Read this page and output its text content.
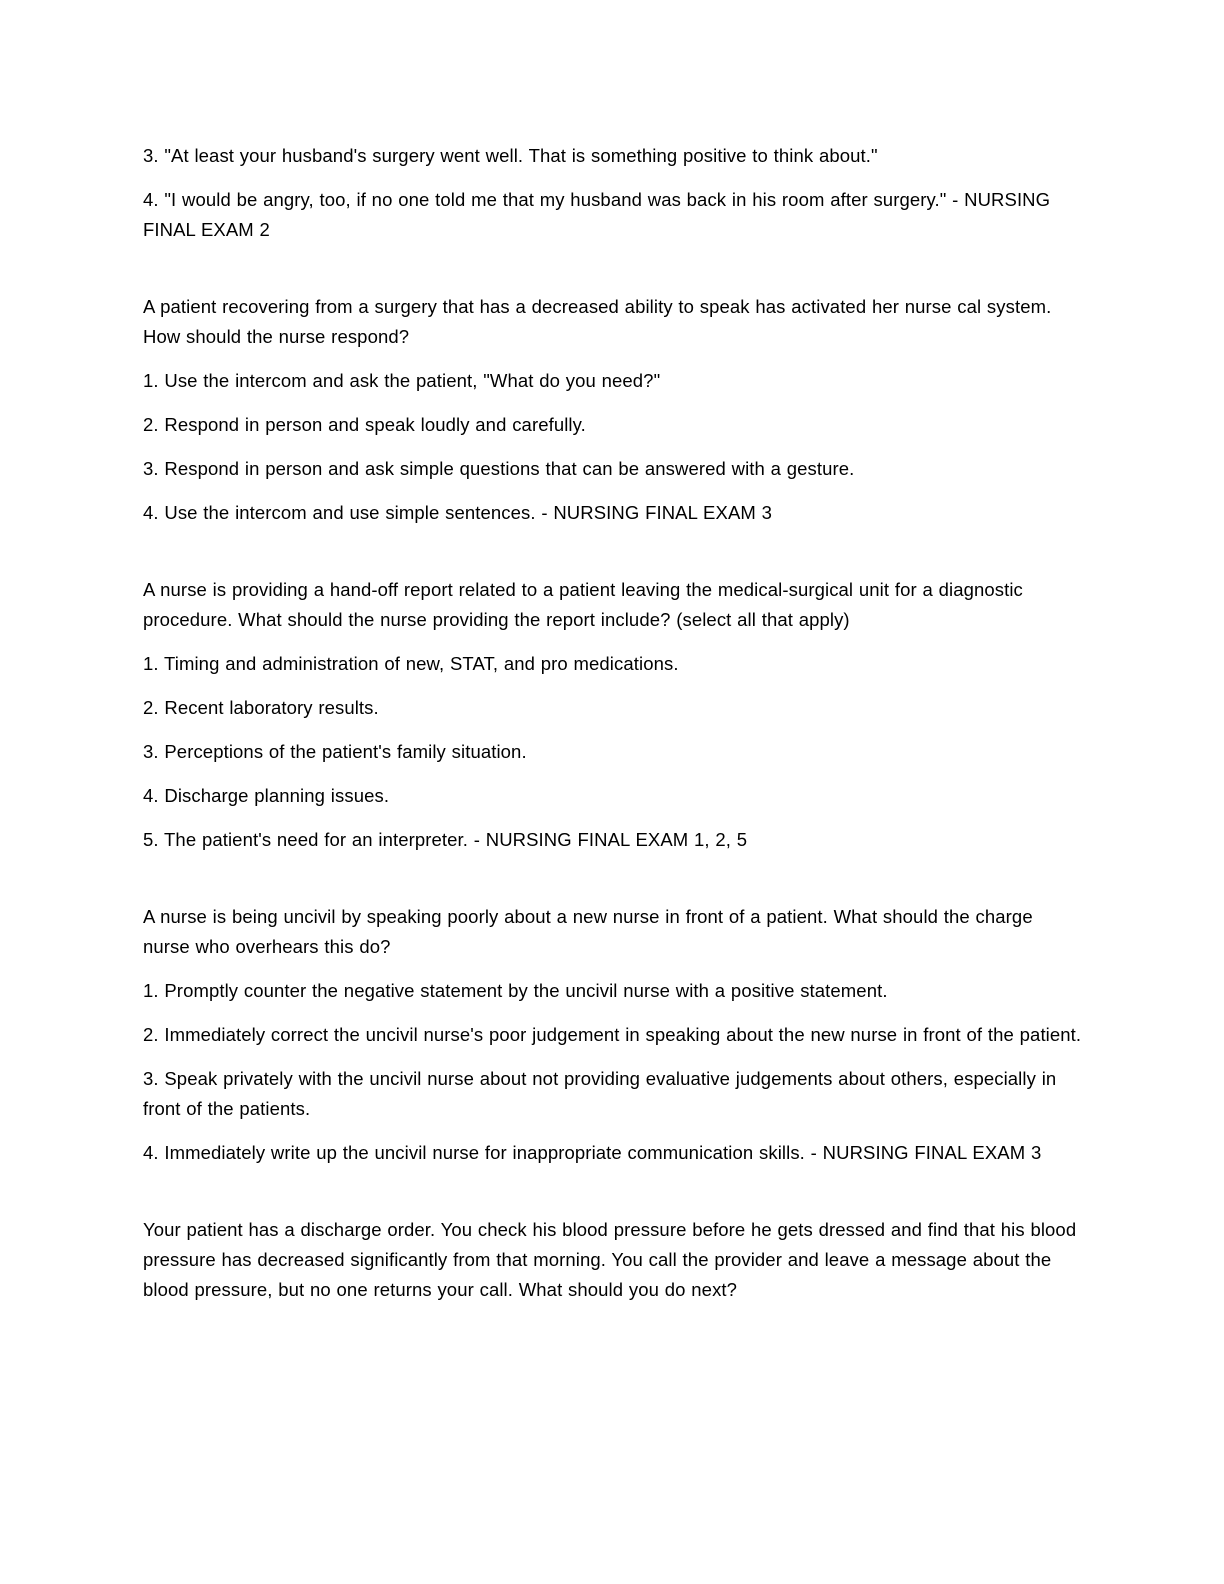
3. "At least your husband's surgery went well. That is something positive to think about."

4. "I would be angry, too, if no one told me that my husband was back in his room after surgery." - NURSING FINAL EXAM 2

A patient recovering from a surgery that has a decreased ability to speak has activated her nurse cal system. How should the nurse respond?

1. Use the intercom and ask the patient, "What do you need?"

2. Respond in person and speak loudly and carefully.

3. Respond in person and ask simple questions that can be answered with a gesture.

4. Use the intercom and use simple sentences. - NURSING FINAL EXAM 3

A nurse is providing a hand-off report related to a patient leaving the medical-surgical unit for a diagnostic procedure. What should the nurse providing the report include? (select all that apply)

1. Timing and administration of new, STAT, and pro medications.

2. Recent laboratory results.

3. Perceptions of the patient's family situation.

4. Discharge planning issues.

5. The patient's need for an interpreter. - NURSING FINAL EXAM 1, 2, 5

A nurse is being uncivil by speaking poorly about a new nurse in front of a patient. What should the charge nurse who overhears this do?

1. Promptly counter the negative statement by the uncivil nurse with a positive statement.

2. Immediately correct the uncivil nurse's poor judgement in speaking about the new nurse in front of the patient.

3. Speak privately with the uncivil nurse about not providing evaluative judgements about others, especially in front of the patients.

4. Immediately write up the uncivil nurse for inappropriate communication skills. - NURSING FINAL EXAM 3

Your patient has a discharge order. You check his blood pressure before he gets dressed and find that his blood pressure has decreased significantly from that morning. You call the provider and leave a message about the blood pressure, but no one returns your call. What should you do next?
